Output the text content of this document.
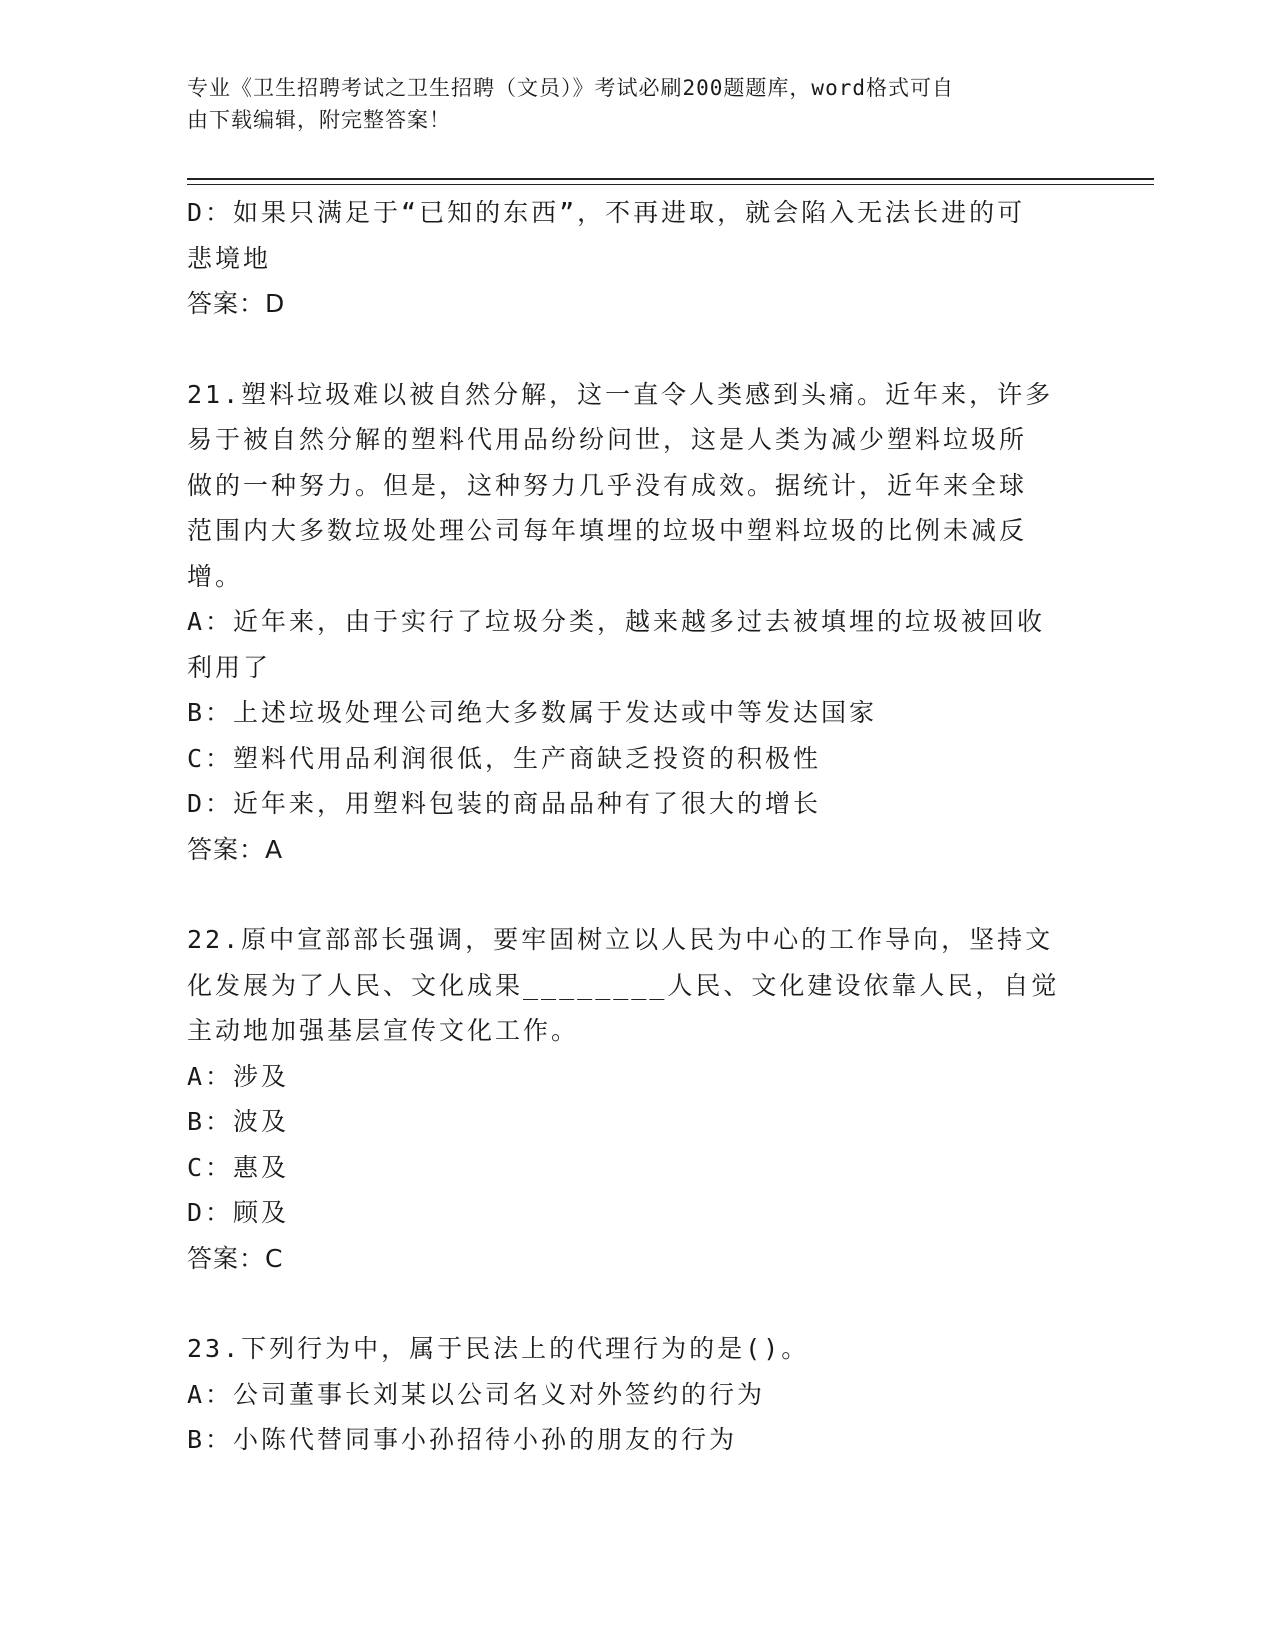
专业《卫生招聘考试之卫生招聘（文员）》考试必刷200题题库，word格式可自
由下载编辑，附完整答案！
D：如果只满足于“已知的东西”，不再进取，就会陷入无法长进的可
悲境地
答案：D
21.塑料垃圾难以被自然分解，这一直令人类感到头痛。近年来，许多
易于被自然分解的塑料代用品纷纷问世，这是人类为减少塑料垃圾所
做的一种努力。但是，这种努力几乎没有成效。据统计，近年来全球
范围内大多数垃圾处理公司每年填埋的垃圾中塑料垃圾的比例未减反
增。
A：近年来，由于实行了垃圾分类，越来越多过去被填埋的垃圾被回收
利用了
B：上述垃圾处理公司绝大多数属于发达或中等发达国家
C：塑料代用品利润很低，生产商缺乏投资的积极性
D：近年来，用塑料包装的商品品种有了很大的增长
答案：A
22.原中宣部部长强调，要牢固树立以人民为中心的工作导向，坚持文
化发展为了人民、文化成果________人民、文化建设依靠人民，自觉
主动地加强基层宣传文化工作。
A：涉及
B：波及
C：惠及
D：顾及
答案：C
23.下列行为中，属于民法上的代理行为的是()。
A：公司董事长刘某以公司名义对外签约的行为
B：小陈代替同事小孙招待小孙的朋友的行为
